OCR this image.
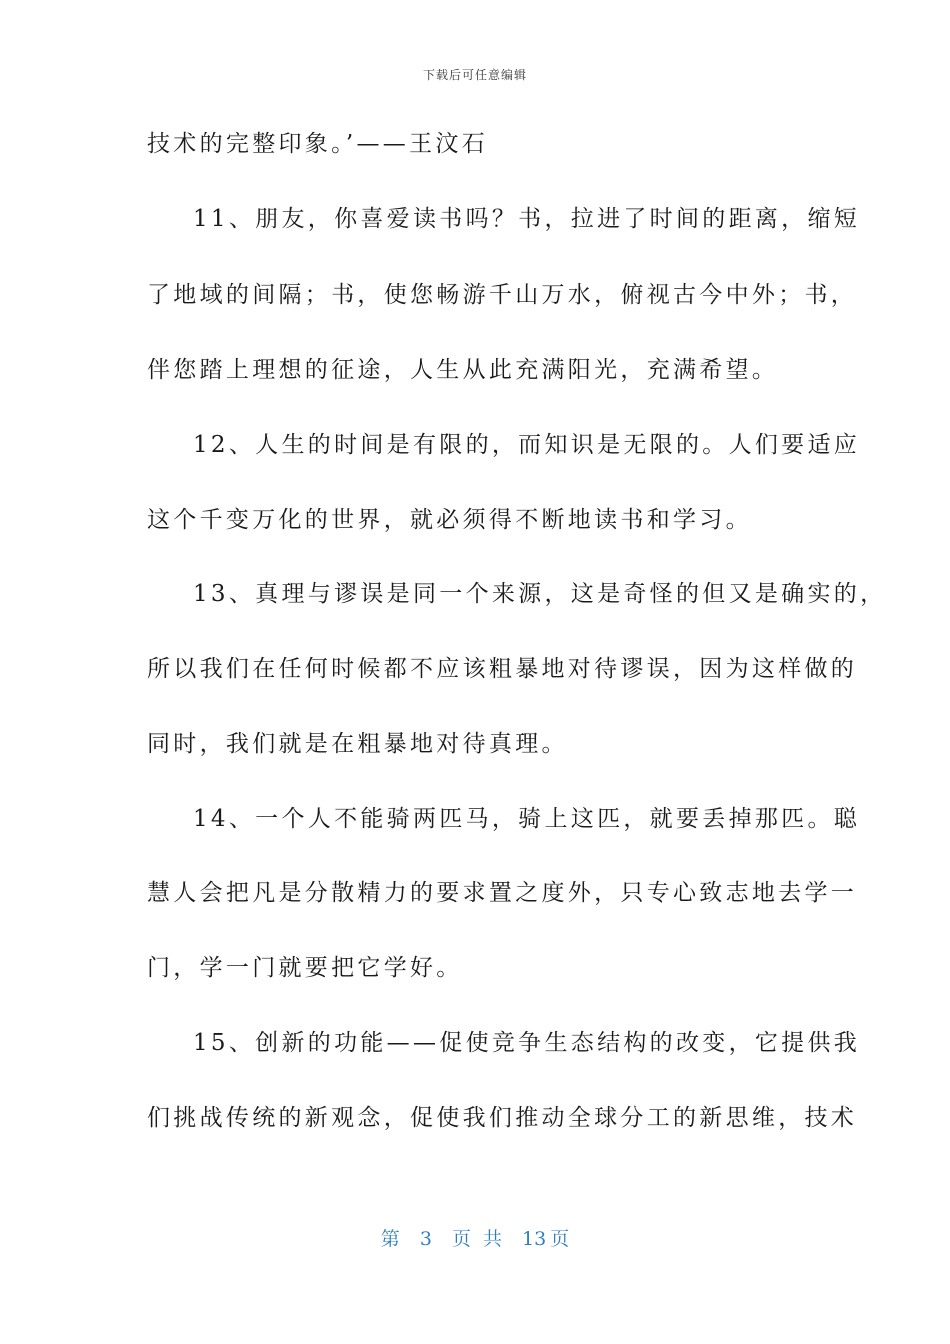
下载后可任意编辑
技术的完整印象。’——王汶石
11、朋友，你喜爱读书吗？书，拉进了时间的距离，缩短
了地域的间隔；书，使您畅游千山万水，俯视古今中外；书，
伴您踏上理想的征途，人生从此充满阳光，充满希望。
12、人生的时间是有限的，而知识是无限的。人们要适应
这个千变万化的世界，就必须得不断地读书和学习。
13、真理与谬误是同一个来源，这是奇怪的但又是确实的，
所以我们在任何时候都不应该粗暴地对待谬误，因为这样做的
同时，我们就是在粗暴地对待真理。
14、一个人不能骑两匹马，骑上这匹，就要丢掉那匹。聪
慧人会把凡是分散精力的要求置之度外，只专心致志地去学一
门，学一门就要把它学好。
15、创新的功能——促使竞争生态结构的改变，它提供我
们挑战传统的新观念，促使我们推动全球分工的新思维，技术
第 3 页 共 13 页
